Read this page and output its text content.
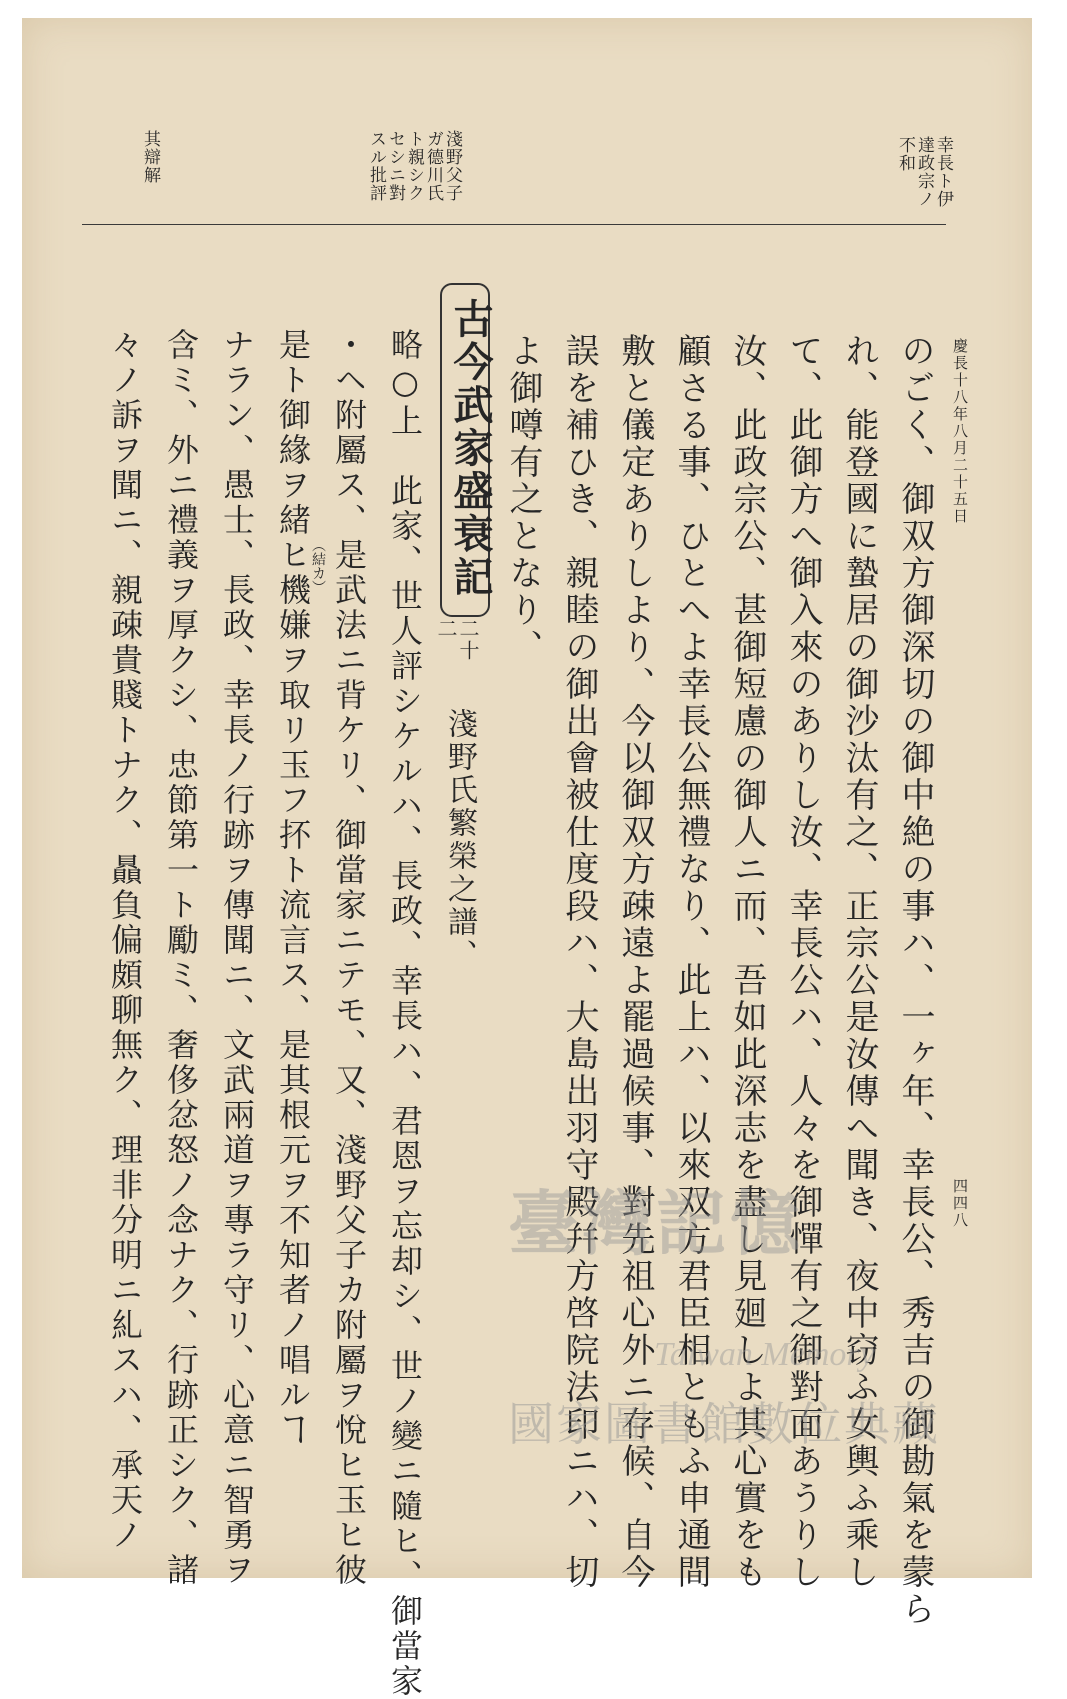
幸長ト伊
達政宗ノ
不和
淺野父子
ガ德川氏
ト親シク
セシニ對
スル批評
其辯解
慶長十八年八月二十五日
四四八
のごく、御双方御深切の御中絶の事ハ、一ヶ年、幸長公、秀吉の御勘氣を蒙ら
れ、能登國に蟄居の御沙汰有之、正宗公是汝傳へ聞き、夜中窃ふ女輿ふ乘し
て、此御方へ御入來のありし汝、幸長公ハ、人々を御憚有之御對面あうりし
汝、此政宗公、甚御短慮の御人ニ而、吾如此深志を盡し見廻しよ其心實をも
顧さる事、ひとへよ幸長公無禮なり、此上ハ、以來双方君臣相ともふ申通間
敷と儀定ありしより、今以御双方疎遠よ罷過候事、對先祖心外ニ存候、自今
誤を補ひき、親睦の御出會被仕度段ハ、大島出羽守殿幷方啓院法印ニハ、切
よ御噂有之となり、
古今武家盛衰記
二十
二
淺野氏繁榮之譜、
略○上　此家、世人評シケルハ、長政、幸長ハ、君恩ヲ忘却シ、世ノ變ニ隨ヒ、御當家
・ヘ附屬ス、是武法ニ背ケリ、御當家ニテモ、又、淺野父子カ附屬ヲ悅ヒ玉ヒ彼
是ト御緣ヲ緒ヒ機嫌ヲ取リ玉フ抔ト流言ス、是其根元ヲ不知者ノ唱ルヿ
ナラン、愚士、長政、幸長ノ行跡ヲ傳聞ニ、文武兩道ヲ專ラ守リ、心意ニ智勇ヲ
含ミ、外ニ禮義ヲ厚クシ、忠節第一ト勵ミ、奢侈忿怒ノ念ナク、行跡正シク、諸
々ノ訴ヲ聞ニ、親疎貴賤トナク、贔負偏頗聊無ク、理非分明ニ糺スハ、承天ノ	（結カ）
臺灣記憶
Taiwan Memory
國家圖書館數位典藏
